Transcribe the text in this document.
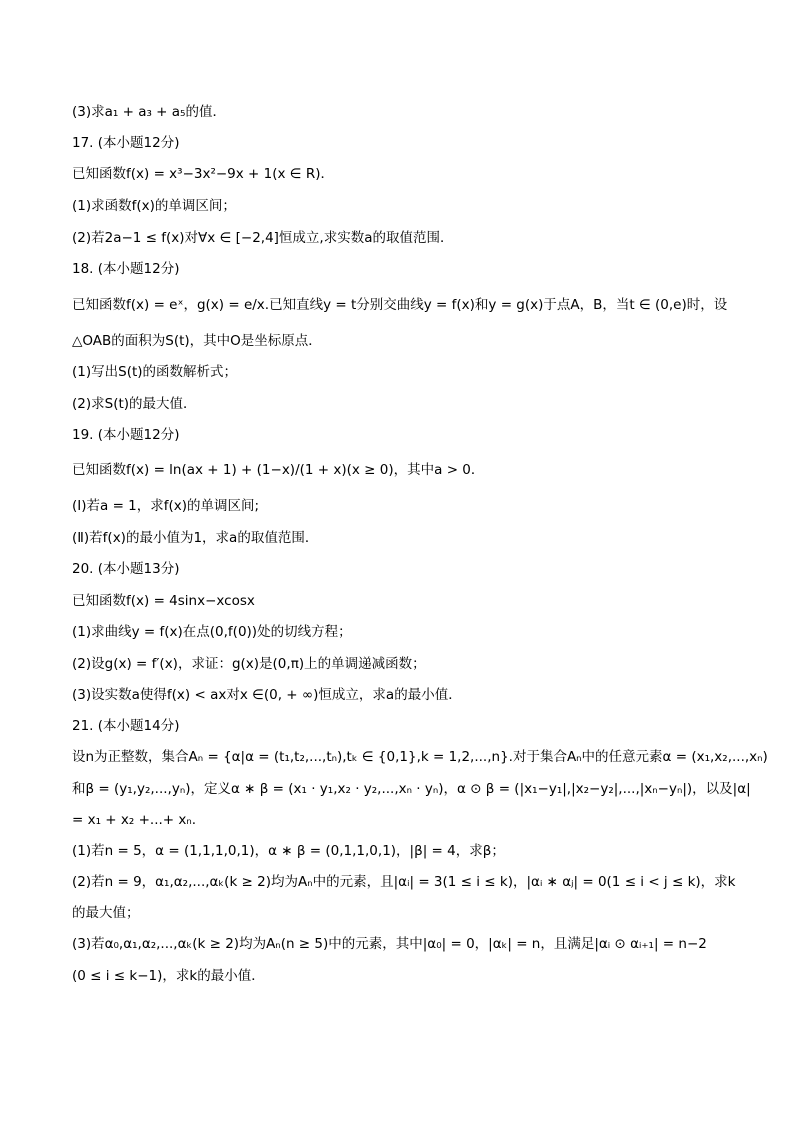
(3)求a₁ + a₃ + a₅的值．
17. (本小题12分)
已知函数f(x) = x³−3x²−9x + 1(x ∈ R)．
(1)求函数f(x)的单调区间；
(2)若2a−1 ≤ f(x)对∀x ∈ [−2,4]恒成立,求实数a的取值范围．
18. (本小题12分)
已知函数f(x) = eˣ，g(x) = e/x.已知直线y = t分别交曲线y = f(x)和y = g(x)于点A，B，当t ∈ (0,e)时，设
△OAB的面积为S(t)，其中O是坐标原点．
(1)写出S(t)的函数解析式；
(2)求S(t)的最大值．
19. (本小题12分)
已知函数f(x) = ln(ax + 1) + (1−x)/(1 + x)(x ≥ 0)，其中a > 0．
(Ⅰ)若a = 1，求f(x)的单调区间;
(Ⅱ)若f(x)的最小值为1，求a的取值范围．
20. (本小题13分)
已知函数f(x) = 4sinx−xcosx
(1)求曲线y = f(x)在点(0,f(0))处的切线方程；
(2)设g(x) = f′(x)，求证：g(x)是(0,π)上的单调递减函数；
(3)设实数a使得f(x) < ax对x ∈(0, + ∞)恒成立，求a的最小值．
21. (本小题14分)
设n为正整数，集合Aₙ = {α|α = (t₁,t₂,...,tₙ),tₖ ∈ {0,1},k = 1,2,...,n}.对于集合Aₙ中的任意元素α = (x₁,x₂,...,xₙ)
和β = (y₁,y₂,...,yₙ)，定义α ∗ β = (x₁ · y₁,x₂ · y₂,...,xₙ · yₙ)，α ⊙ β = (|x₁−y₁|,|x₂−y₂|,...,|xₙ−yₙ|)，以及|α|
= x₁ + x₂ +...+ xₙ.
(1)若n = 5，α = (1,1,1,0,1)，α ∗ β = (0,1,1,0,1)，|β| = 4，求β；
(2)若n = 9，α₁,α₂,...,αₖ(k ≥ 2)均为Aₙ中的元素，且|αᵢ| = 3(1 ≤ i ≤ k)，|αᵢ ∗ αⱼ| = 0(1 ≤ i < j ≤ k)，求k
的最大值；
(3)若α₀,α₁,α₂,...,αₖ(k ≥ 2)均为Aₙ(n ≥ 5)中的元素，其中|α₀| = 0，|αₖ| = n，且满足|αᵢ ⊙ αᵢ₊₁| = n−2
(0 ≤ i ≤ k−1)，求k的最小值．
